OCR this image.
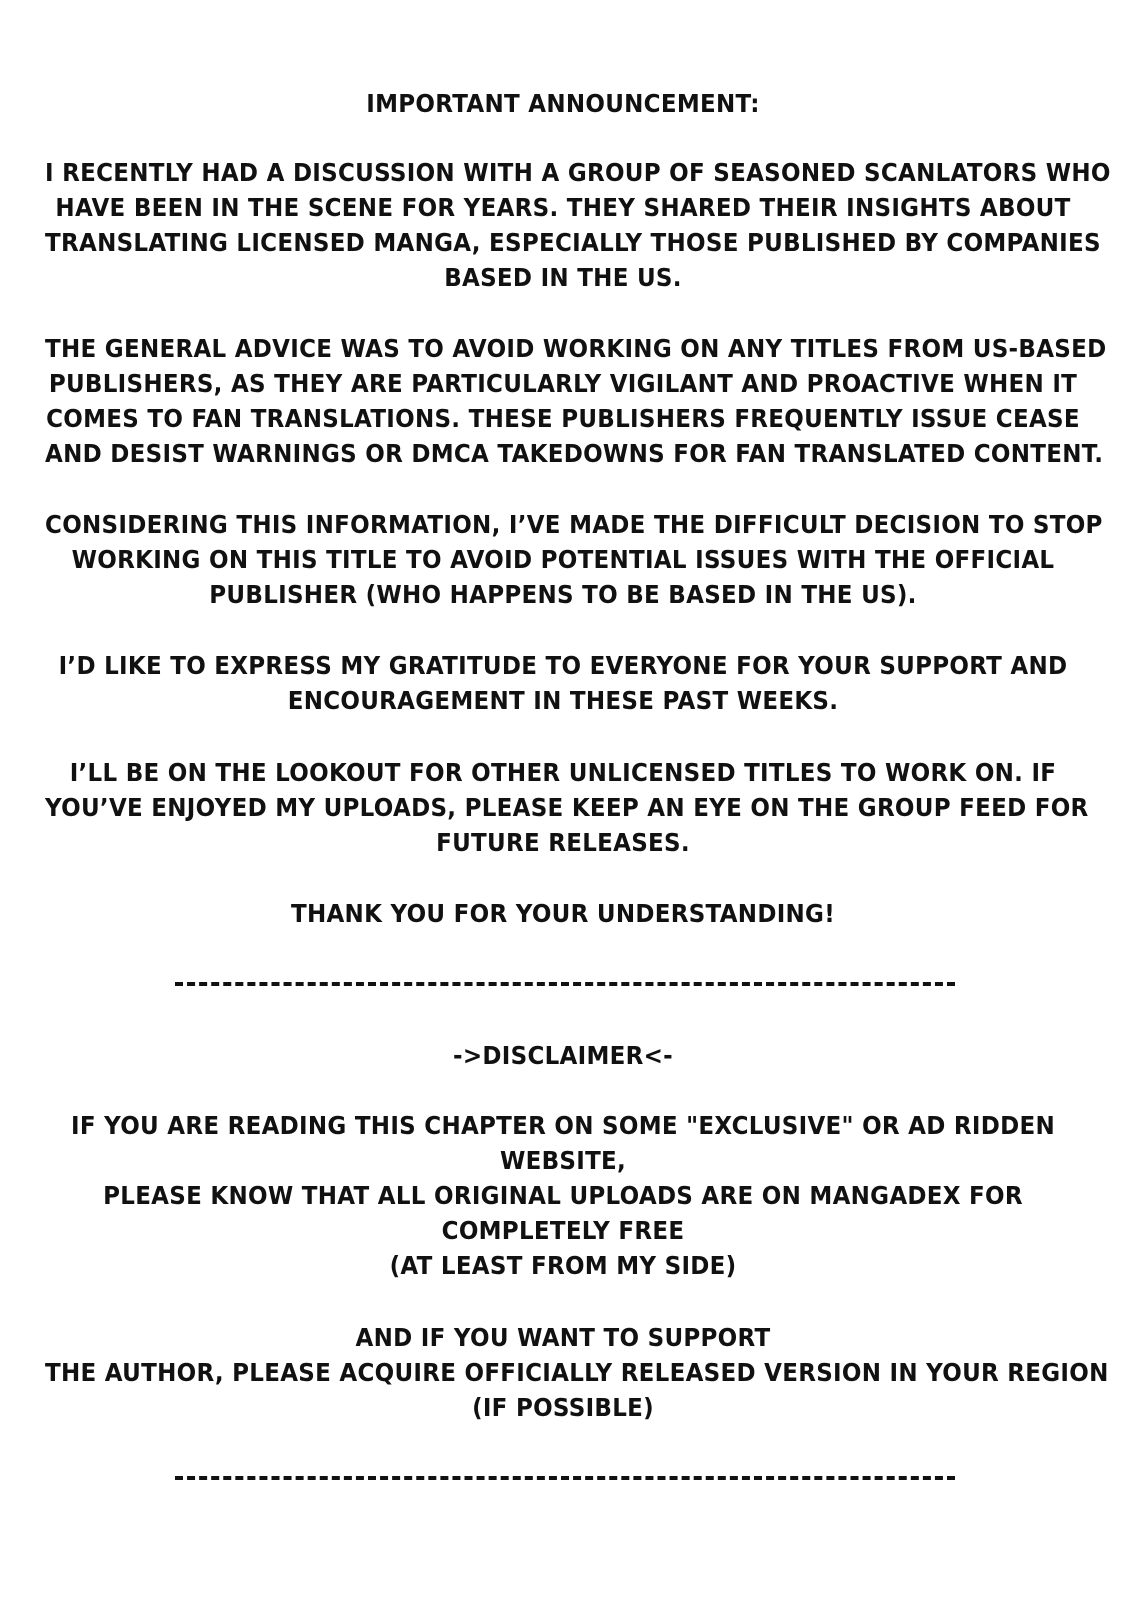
IMPORTANT ANNOUNCEMENT:
I RECENTLY HAD A DISCUSSION WITH A GROUP OF SEASONED SCANLATORS WHO
HAVE BEEN IN THE SCENE FOR YEARS. THEY SHARED THEIR INSIGHTS ABOUT
TRANSLATING LICENSED MANGA, ESPECIALLY THOSE PUBLISHED BY COMPANIES
BASED IN THE US.
THE GENERAL ADVICE WAS TO AVOID WORKING ON ANY TITLES FROM US-BASED
PUBLISHERS, AS THEY ARE PARTICULARLY VIGILANT AND PROACTIVE WHEN IT
COMES TO FAN TRANSLATIONS. THESE PUBLISHERS FREQUENTLY ISSUE CEASE
AND DESIST WARNINGS OR DMCA TAKEDOWNS FOR FAN TRANSLATED CONTENT.
CONSIDERING THIS INFORMATION, I’VE MADE THE DIFFICULT DECISION TO STOP
WORKING ON THIS TITLE TO AVOID POTENTIAL ISSUES WITH THE OFFICIAL
PUBLISHER (WHO HAPPENS TO BE BASED IN THE US).
I’D LIKE TO EXPRESS MY GRATITUDE TO EVERYONE FOR YOUR SUPPORT AND
ENCOURAGEMENT IN THESE PAST WEEKS.
I’LL BE ON THE LOOKOUT FOR OTHER UNLICENSED TITLES TO WORK ON. IF
YOU’VE ENJOYED MY UPLOADS, PLEASE KEEP AN EYE ON THE GROUP FEED FOR
FUTURE RELEASES.
THANK YOU FOR YOUR UNDERSTANDING!
->DISCLAIMER<-
IF YOU ARE READING THIS CHAPTER ON SOME "EXCLUSIVE" OR AD RIDDEN
WEBSITE,
PLEASE KNOW THAT ALL ORIGINAL UPLOADS ARE ON MANGADEX FOR
COMPLETELY FREE
(AT LEAST FROM MY SIDE)
AND IF YOU WANT TO SUPPORT
THE AUTHOR, PLEASE ACQUIRE OFFICIALLY RELEASED VERSION IN YOUR REGION
(IF POSSIBLE)
